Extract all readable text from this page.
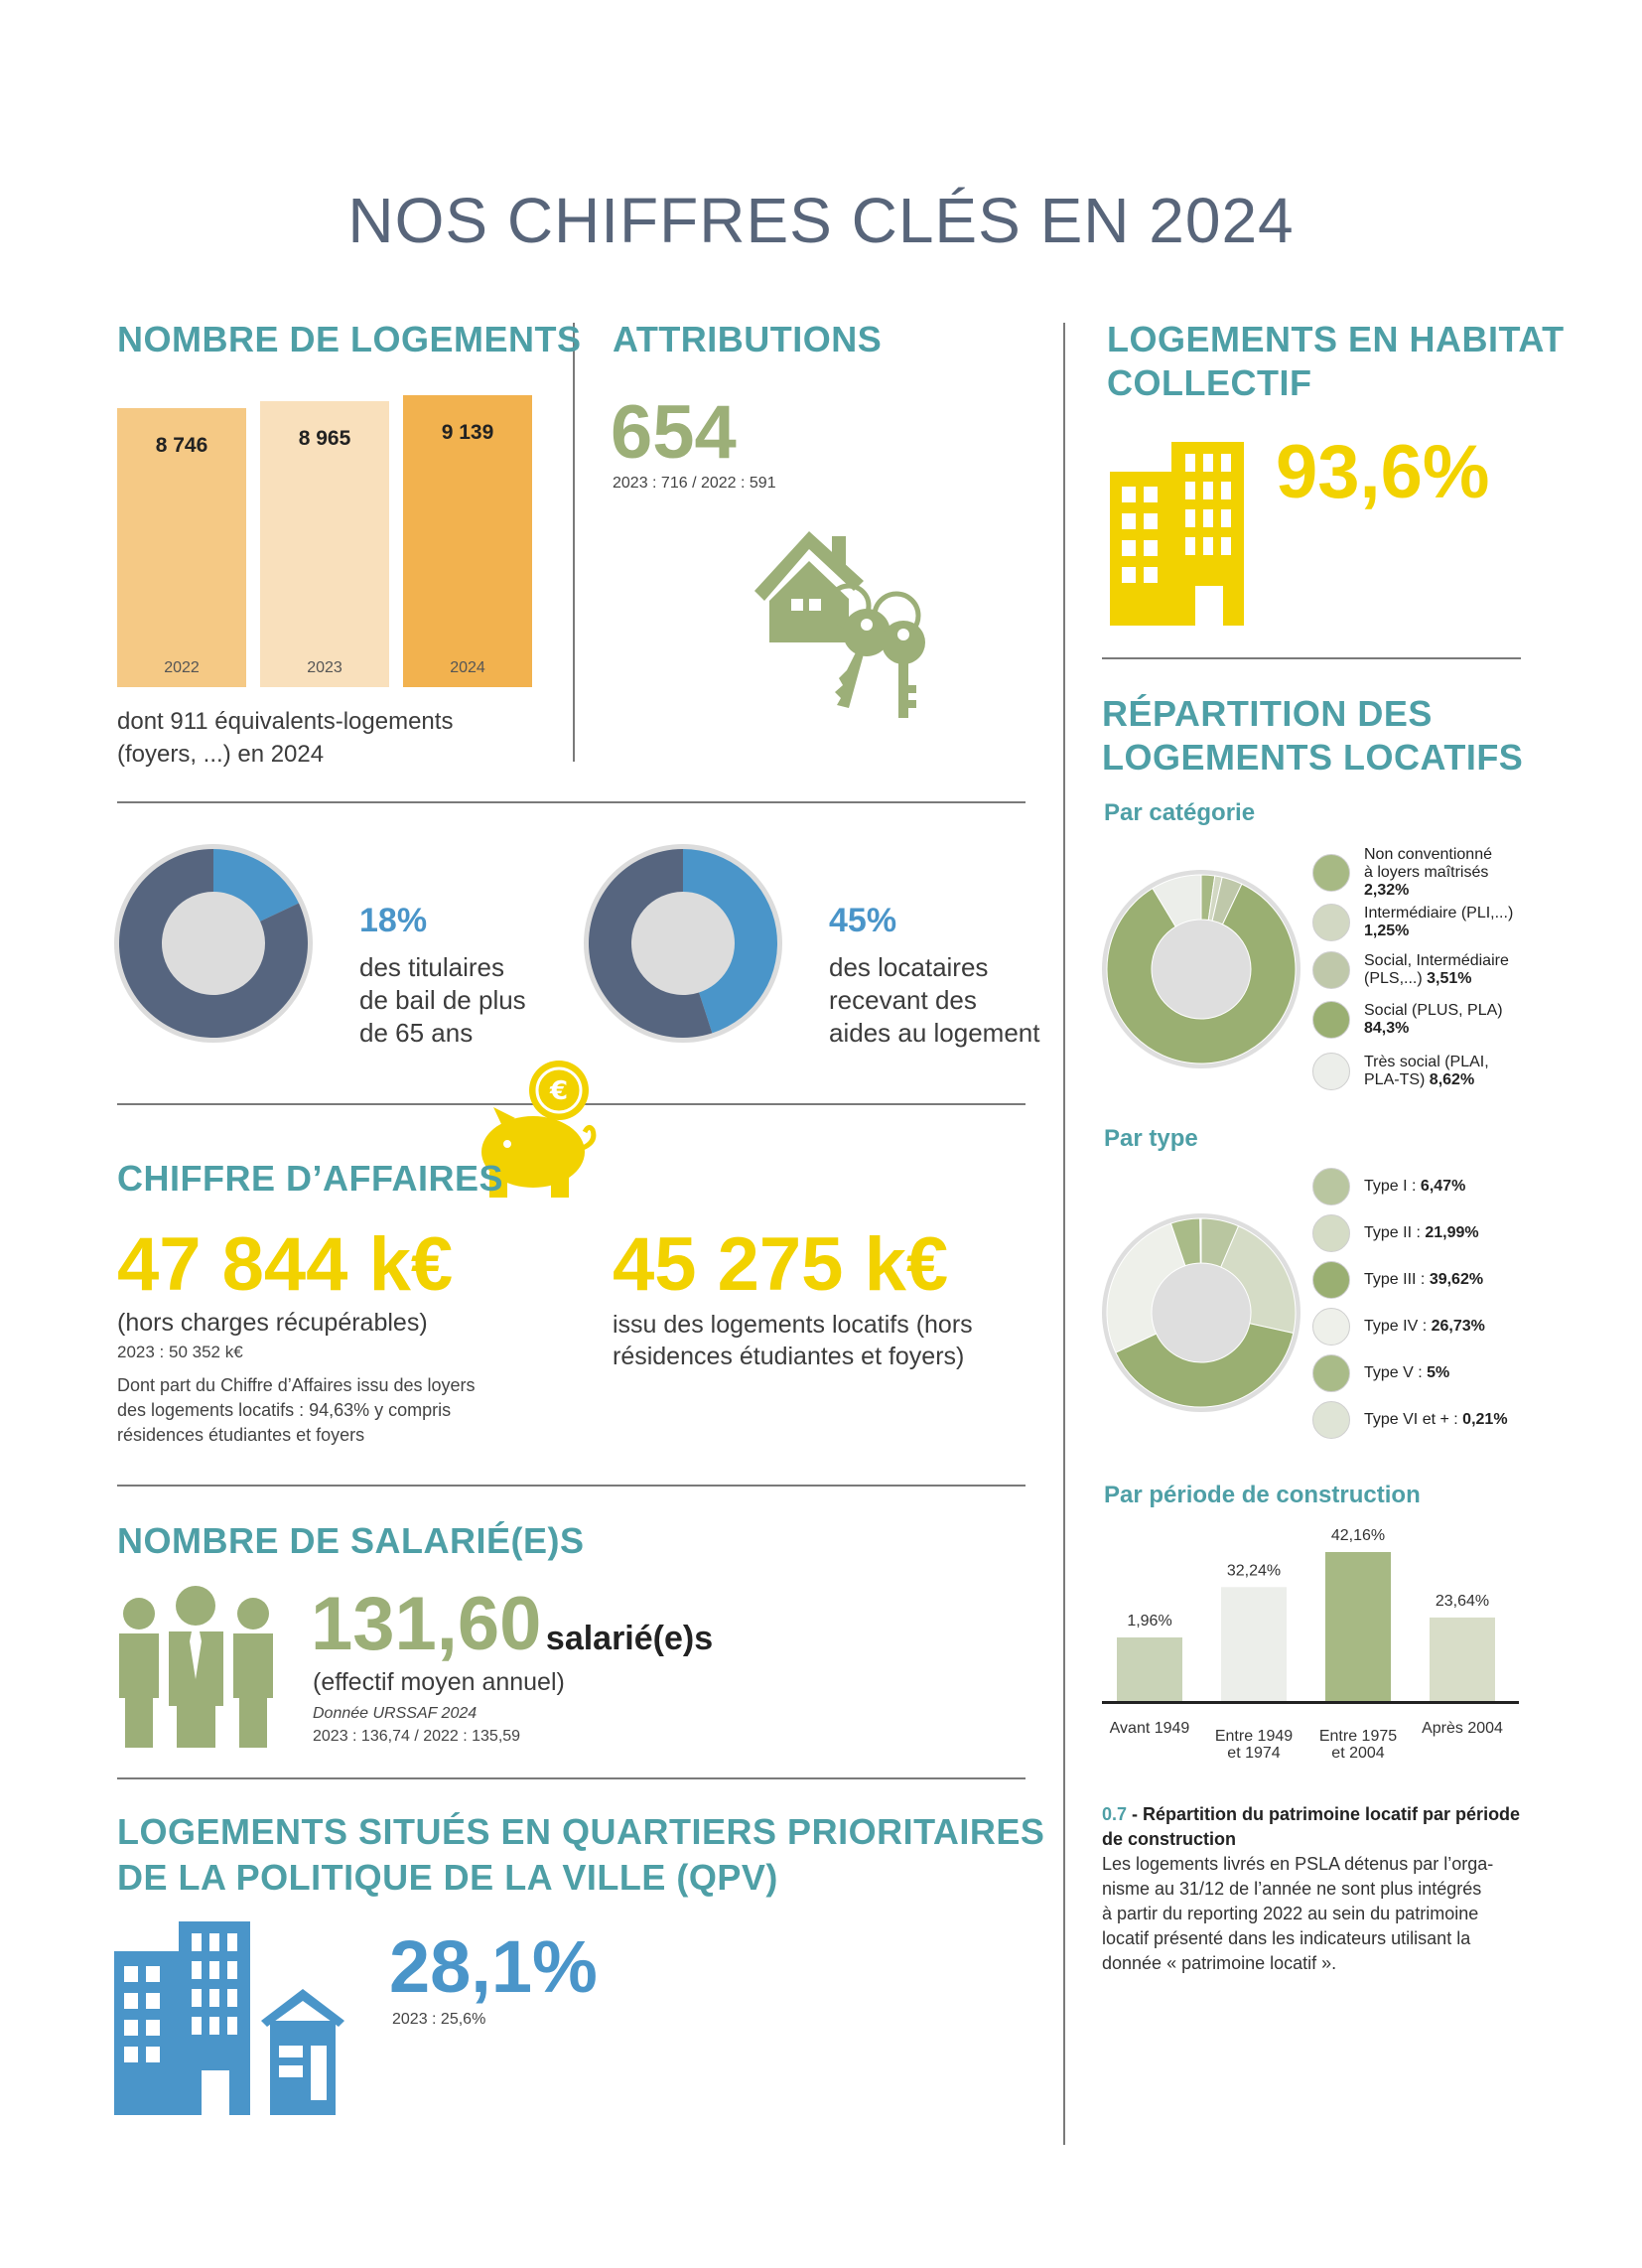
NOS CHIFFRES CLÉS EN 2024
NOMBRE DE LOGEMENTS
8 746
2022
8 965
2023
9 139
2024
dont 911 équivalents-logements
(foyers, ...) en 2024
ATTRIBUTIONS
654
2023 : 716 / 2022 : 591
LOGEMENTS EN HABITAT
COLLECTIF
93,6%
18%
des titulaires
de bail de plus
de 65 ans
45%
des locataires
recevant des
aides au logement
€
CHIFFRE D’AFFAIRES
47 844 k€
(hors charges récupérables)
2023 : 50 352 k€
Dont part du Chiffre d’Affaires issu des loyers
des logements locatifs : 94,63% y compris
résidences étudiantes et foyers
45 275 k€
issu des logements locatifs (hors
résidences étudiantes et foyers)
NOMBRE DE SALARIÉ(E)S
131,60 salarié(e)s
(effectif moyen annuel)
Donnée URSSAF 2024
2023 : 136,74 / 2022 : 135,59
LOGEMENTS SITUÉS EN QUARTIERS PRIORITAIRES
DE LA POLITIQUE DE LA VILLE (QPV)
28,1%
2023 : 25,6%
RÉPARTITION DES
LOGEMENTS LOCATIFS
Par catégorie
Non conventionné
à loyers maîtrisés
2,32%
Intermédiaire (PLI,...)
1,25%
Social, Intermédiaire
(PLS,...) 3,51%
Social (PLUS, PLA)
84,3%
Très social (PLAI,
PLA-TS) 8,62%
Par type
Type I : 6,47%
Type II : 21,99%
Type III : 39,62%
Type IV : 26,73%
Type V : 5%
Type VI et + : 0,21%
Par période de construction
1,96%
Avant 1949
32,24%
Entre 1949
et 1974
42,16%
Entre 1975
et 2004
23,64%
Après 2004
0.7 - Répartition du patrimoine locatif par période
de construction
Les logements livrés en PSLA détenus par l’orga-
nisme au 31/12 de l’année ne sont plus intégrés
à partir du reporting 2022 au sein du patrimoine
locatif présenté dans les indicateurs utilisant la
donnée « patrimoine locatif ».
